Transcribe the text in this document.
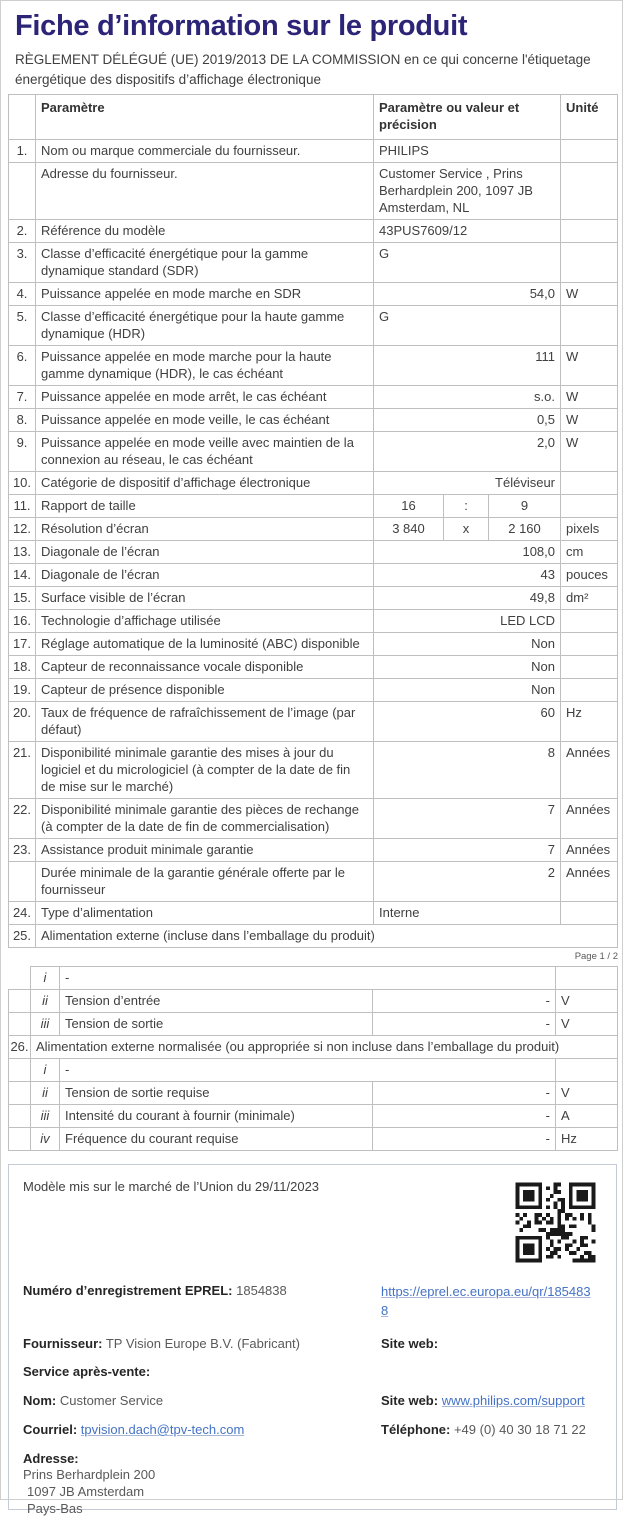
Fiche d’information sur le produit

RÈGLEMENT DÉLÉGUÉ (UE) 2019/2013 DE LA COMMISSION en ce qui concerne l'étiquetage énergétique des dispositifs d’affichage électronique

	Paramètre	Paramètre ou valeur et précision			Unité
1.	Nom ou marque commerciale du fournisseur.	PHILIPS			
	Adresse du fournisseur.	Customer Service , Prins Berhardplein 200, 1097 JB Amsterdam, NL			
2.	Référence du modèle	43PUS7609/12			
3.	Classe d’efficacité énergétique pour la gamme dynamique standard (SDR)	G			
4.	Puissance appelée en mode marche en SDR	54,0			W
5.	Classe d’efficacité énergétique pour la haute gamme dynamique (HDR)	G			
6.	Puissance appelée en mode marche pour la haute gamme dynamique (HDR), le cas échéant	111			W
7.	Puissance appelée en mode arrêt, le cas échéant	s.o.			W
8.	Puissance appelée en mode veille, le cas échéant	0,5			W
9.	Puissance appelée en mode veille avec maintien de la connexion au réseau, le cas échéant	2,0			W
10.	Catégorie de dispositif d’affichage électronique	Téléviseur			
11.	Rapport de taille	16	:	9	
12.	Résolution d’écran	3 840	x	2 160	pixels
13.	Diagonale de l’écran	108,0			cm
14.	Diagonale de l’écran	43			pouces
15.	Surface visible de l’écran	49,8			dm²
16.	Technologie d’affichage utilisée	LED LCD			
17.	Réglage automatique de la luminosité (ABC) disponible	Non			
18.	Capteur de reconnaissance vocale disponible	Non			
19.	Capteur de présence disponible	Non			
20.	Taux de fréquence de rafraîchissement de l’image (par défaut)	60			Hz
21.	Disponibilité minimale garantie des mises à jour du logiciel et du micrologiciel (à compter de la date de fin de mise sur le marché)	8			Années
22.	Disponibilité minimale garantie des pièces de rechange (à compter de la date de fin de commercialisation)	7			Années
23.	Assistance produit minimale garantie	7			Années
	Durée minimale de la garantie générale offerte par le fournisseur	2			Années
24.	Type d’alimentation	Interne			
25.	Alimentation externe (incluse dans l’emballage du produit)				
Page 1 / 2
	i	-		
	ii	Tension d’entrée	-	V
	iii	Tension de sortie	-	V
26.	Alimentation externe normalisée (ou appropriée si non incluse dans l’emballage du produit)			
	i	-		
	ii	Tension de sortie requise	-	V
	iii	Intensité du courant à fournir (minimale)	-	A
	iv	Fréquence du courant requise	-	Hz
Modèle mis sur le marché de l’Union du 29/11/2023
Numéro d’enregistrement EPREL: 1854838	https://eprel.ec.europa.eu/qr/1854838
Fournisseur: TP Vision Europe B.V. (Fabricant)	Site web:
Service après-vente:
Nom: Customer Service	Site web: www.philips.com/support
Courriel: tpvision.dach@tpv-tech.com	Téléphone: +49 (0) 40 30 18 71 22
Adresse:
Prins Berhardplein 200
1097 JB Amsterdam
Pays-Bas
